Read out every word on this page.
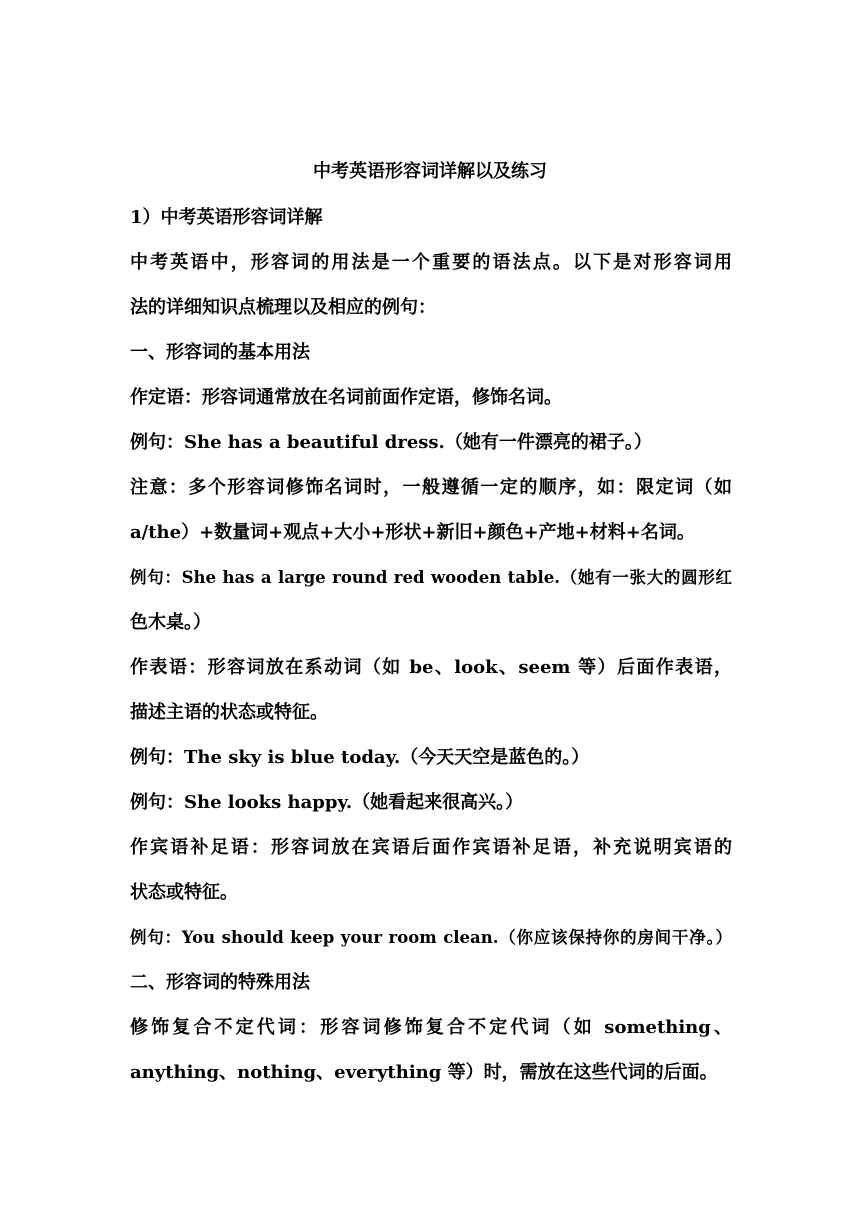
中考英语形容词详解以及练习
1）中考英语形容词详解
中考英语中，形容词的用法是一个重要的语法点。以下是对形容词用
法的详细知识点梳理以及相应的例句：
一、形容词的基本用法
作定语：形容词通常放在名词前面作定语，修饰名词。
例句：She has a beautiful dress.（她有一件漂亮的裙子。）
注意：多个形容词修饰名词时，一般遵循一定的顺序，如：限定词（如
a/the）+数量词+观点+大小+形状+新旧+颜色+产地+材料+名词。
例句：She has a large round red wooden table.（她有一张大的圆形红
色木桌。）
作表语：形容词放在系动词（如 be、look、seem 等）后面作表语，
描述主语的状态或特征。
例句：The sky is blue today.（今天天空是蓝色的。）
例句：She looks happy.（她看起来很高兴。）
作宾语补足语：形容词放在宾语后面作宾语补足语，补充说明宾语的
状态或特征。
例句：You should keep your room clean.（你应该保持你的房间干净。）
二、形容词的特殊用法
修饰复合不定代词：形容词修饰复合不定代词（如 something、
anything、nothing、everything 等）时，需放在这些代词的后面。
